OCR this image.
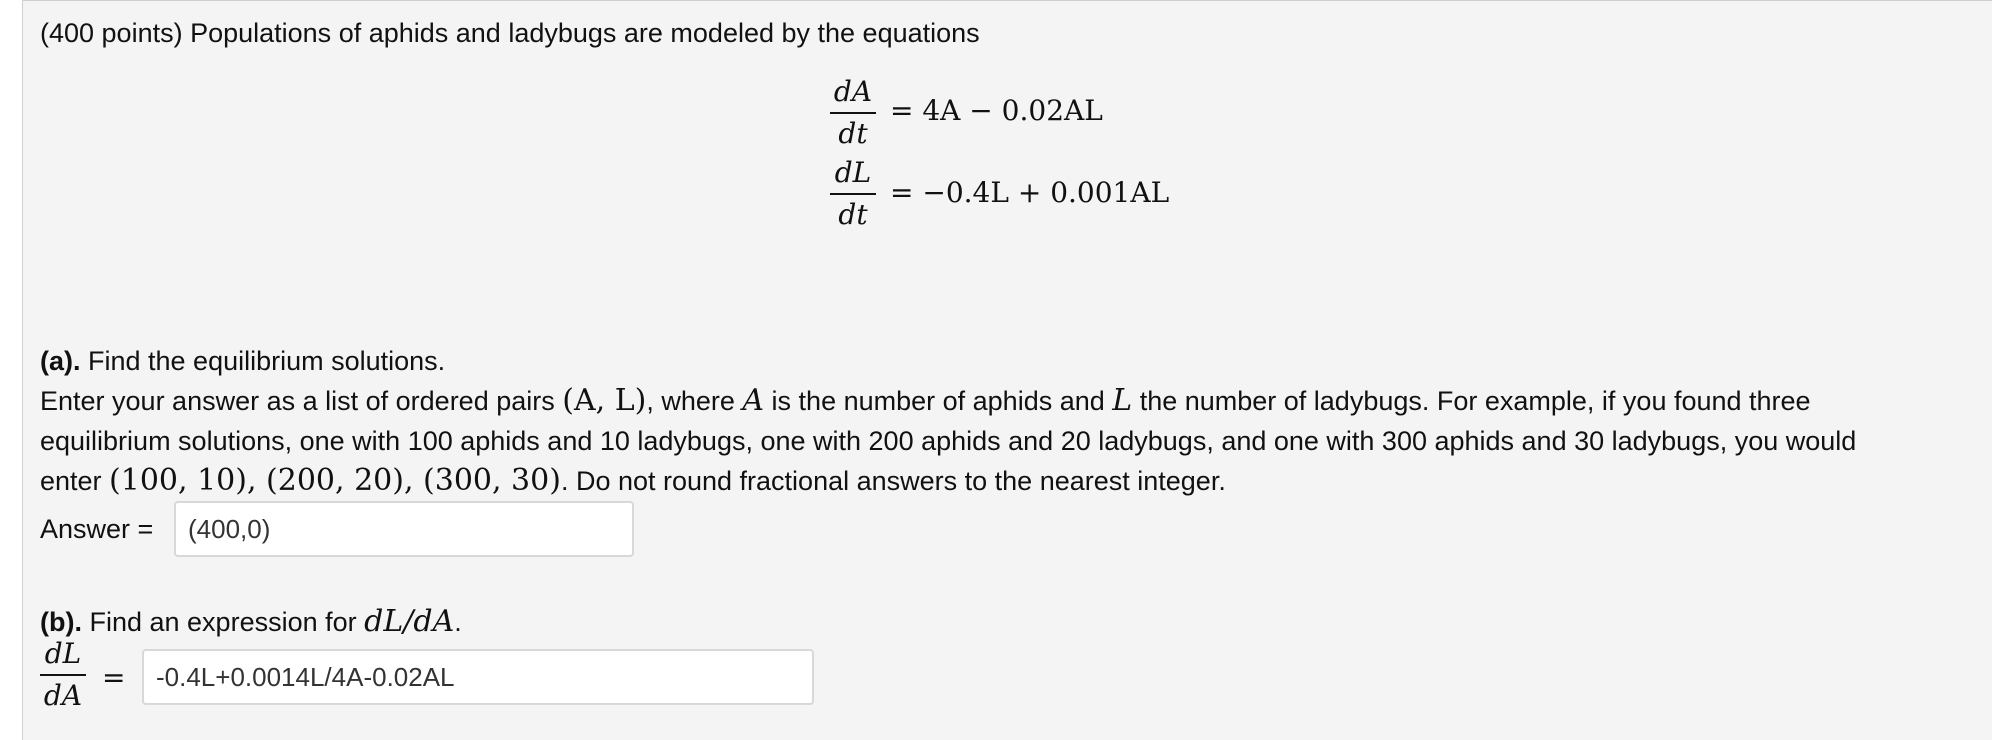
(400 points) Populations of aphids and ladybugs are modeled by the equations
dA
dt
= 4A − 0.02AL
dL
dt
= −0.4L + 0.001AL
(a). Find the equilibrium solutions.
Enter your answer as a list of ordered pairs (A, L), where A is the number of aphids and L the number of ladybugs. For example, if you found three
equilibrium solutions, one with 100 aphids and 10 ladybugs, one with 200 aphids and 20 ladybugs, and one with 300 aphids and 30 ladybugs, you would
enter (100, 10), (200, 20), (300, 30). Do not round fractional answers to the nearest integer.
Answer =
(400,0)
(b). Find an expression for dL/dA.
dL
dA
=
-0.4L+0.0014L/4A-0.02AL
